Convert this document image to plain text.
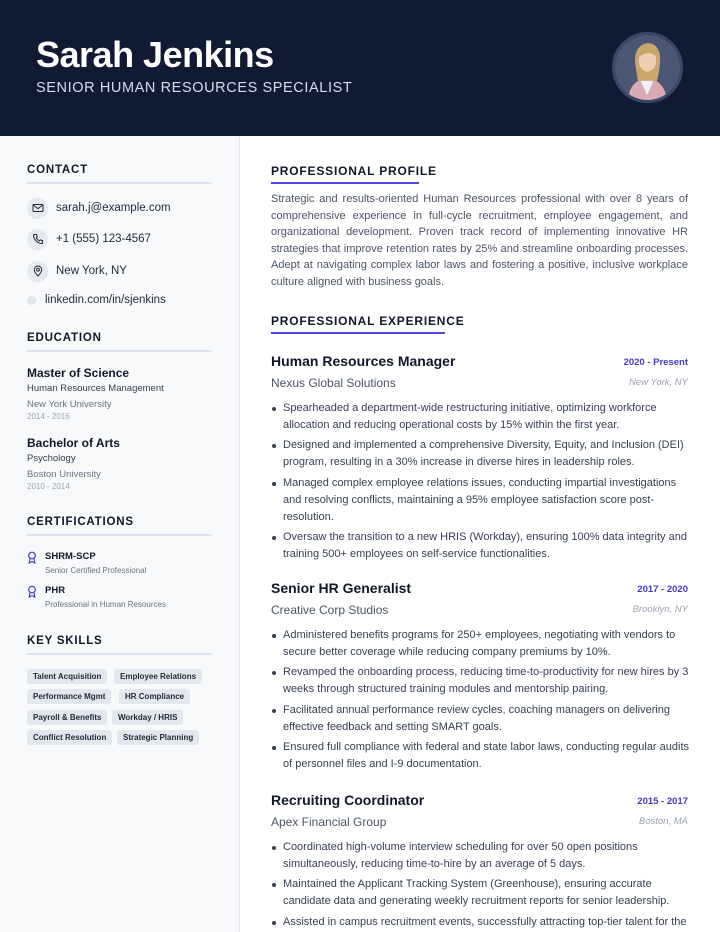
Sarah Jenkins
SENIOR HUMAN RESOURCES SPECIALIST
CONTACT
sarah.j@example.com
+1 (555) 123-4567
New York, NY
linkedin.com/in/sjenkins
EDUCATION
Master of Science
Human Resources Management
New York University
2014 - 2016
Bachelor of Arts
Psychology
Boston University
2010 - 2014
CERTIFICATIONS
SHRM-SCP
Senior Certified Professional
PHR
Professional in Human Resources
KEY SKILLS
Talent Acquisition	Employee Relations
Performance Mgmt	HR Compliance
Payroll & Benefits	Workday / HRIS
Conflict Resolution	Strategic Planning
PROFESSIONAL PROFILE

Strategic and results-oriented Human Resources professional with over 8 years of comprehensive experience in full-cycle recruitment, employee engagement, and organizational development. Proven track record of implementing innovative HR strategies that improve retention rates by 25% and streamline onboarding processes. Adept at navigating complex labor laws and fostering a positive, inclusive workplace culture aligned with business goals.

PROFESSIONAL EXPERIENCE
Human Resources Manager	2020 - Present
Nexus Global Solutions	New York, NY
Spearheaded a department-wide restructuring initiative, optimizing workforce allocation and reducing operational costs by 15% within the first year.
Designed and implemented a comprehensive Diversity, Equity, and Inclusion (DEI) program, resulting in a 30% increase in diverse hires in leadership roles.
Managed complex employee relations issues, conducting impartial investigations and resolving conflicts, maintaining a 95% employee satisfaction score post-resolution.
Oversaw the transition to a new HRIS (Workday), ensuring 100% data integrity and training 500+ employees on self-service functionalities.
Senior HR Generalist	2017 - 2020
Creative Corp Studios	Brooklyn, NY
Administered benefits programs for 250+ employees, negotiating with vendors to secure better coverage while reducing company premiums by 10%.
Revamped the onboarding process, reducing time-to-productivity for new hires by 3 weeks through structured training modules and mentorship pairing.
Facilitated annual performance review cycles, coaching managers on delivering effective feedback and setting SMART goals.
Ensured full compliance with federal and state labor laws, conducting regular audits of personnel files and I-9 documentation.
Recruiting Coordinator	2015 - 2017
Apex Financial Group	Boston, MA
Coordinated high-volume interview scheduling for over 50 open positions simultaneously, reducing time-to-hire by an average of 5 days.
Maintained the Applicant Tracking System (Greenhouse), ensuring accurate candidate data and generating weekly recruitment reports for senior leadership.
Assisted in campus recruitment events, successfully attracting top-tier talent for the
